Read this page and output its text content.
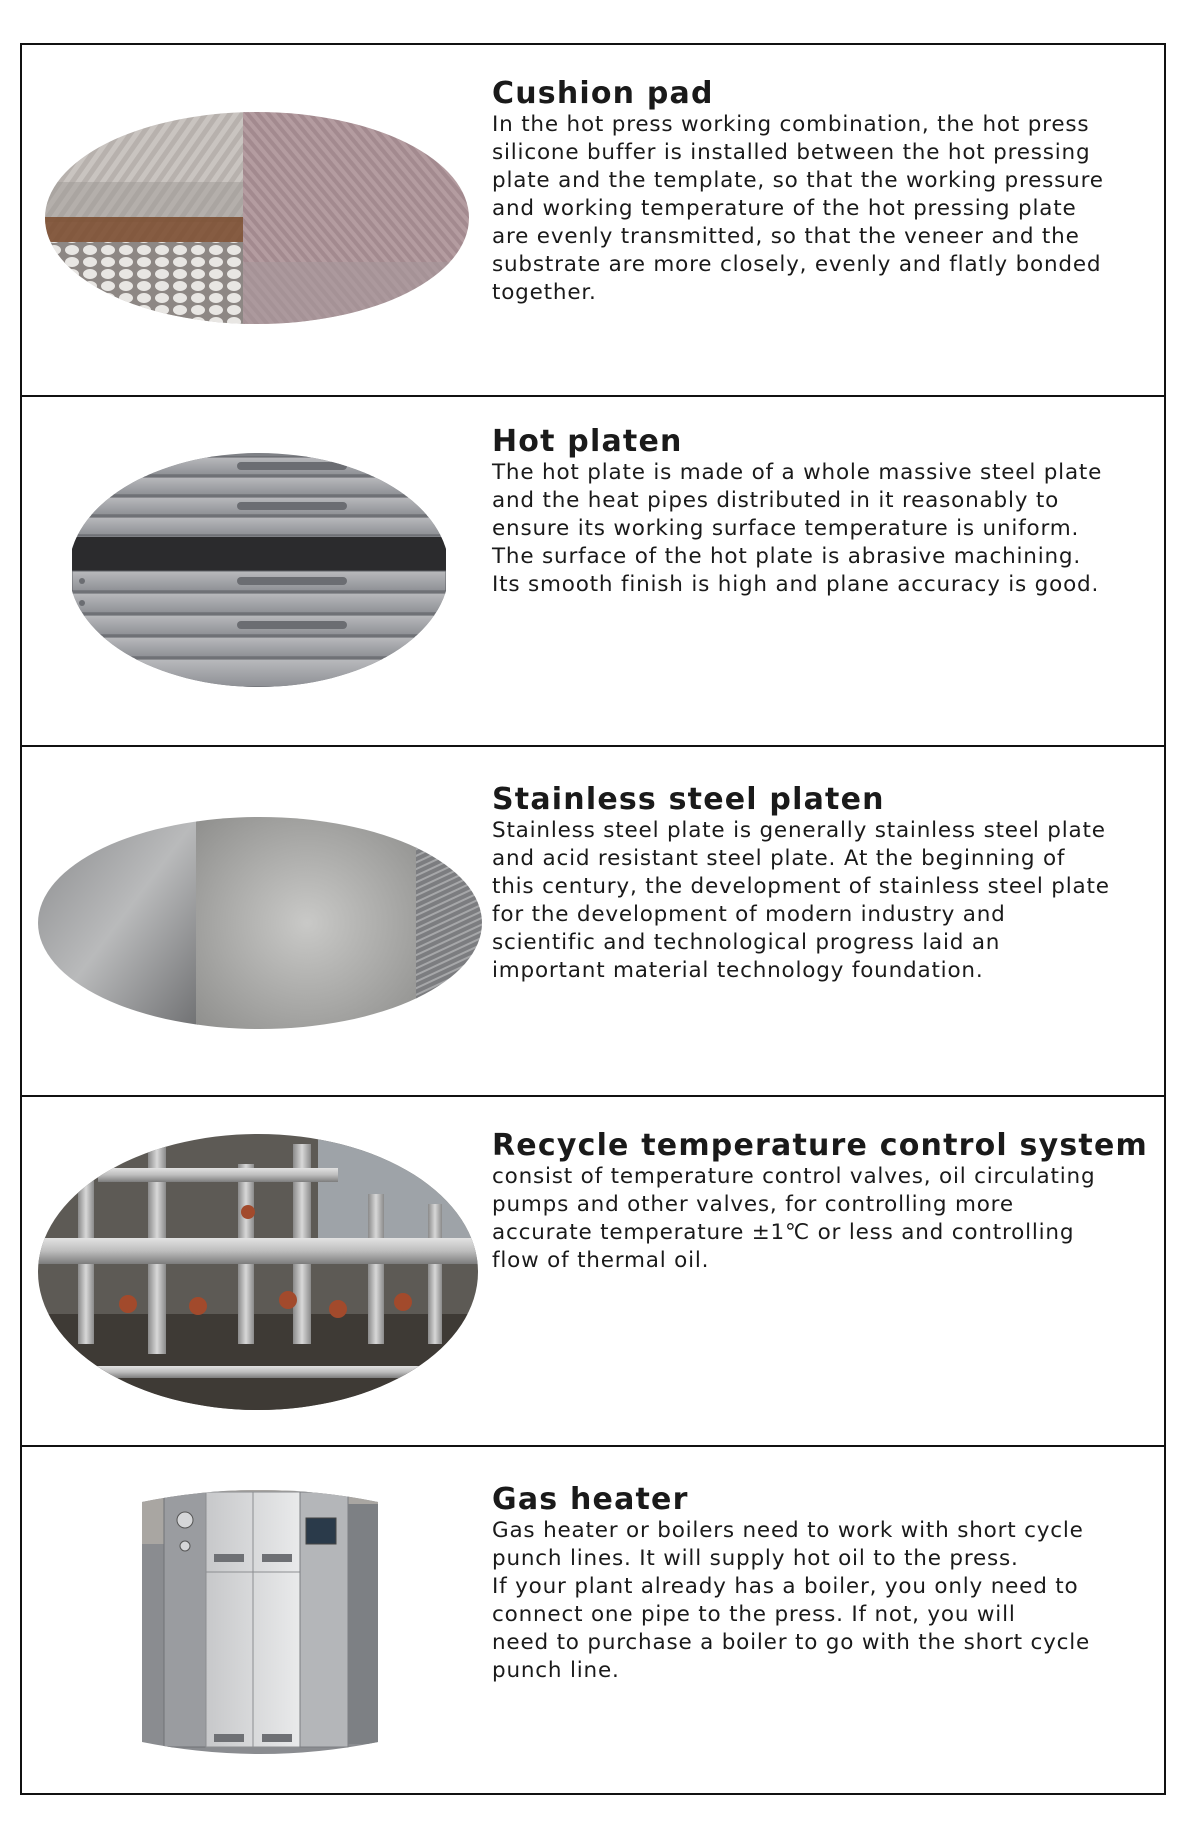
Cushion pad

In the hot press working combination, the hot press
silicone buffer is installed between the hot pressing
plate and the template, so that the working pressure
and working temperature of the hot pressing plate
are evenly transmitted, so that the veneer and the
substrate are more closely, evenly and flatly bonded
together.

Hot platen

The hot plate is made of a whole massive steel plate
and the heat pipes distributed in it reasonably to
ensure its working surface temperature is uniform.
The surface of the hot plate is abrasive machining.
Its smooth finish is high and plane accuracy is good.

Stainless steel platen

Stainless steel plate is generally stainless steel plate
and acid resistant steel plate. At the beginning of
this century, the development of stainless steel plate
for the development of modern industry and
scientific and technological progress laid an
important material technology foundation.

Recycle temperature control system

consist of temperature control valves, oil circulating
pumps and other valves, for controlling more
accurate temperature ±1℃ or less and controlling
flow of thermal oil.

Gas heater

Gas heater or boilers need to work with short cycle
punch lines. It will supply hot oil to the press.
If your plant already has a boiler, you only need to
connect one pipe to the press. If not, you will
need to purchase a boiler to go with the short cycle
punch line.
